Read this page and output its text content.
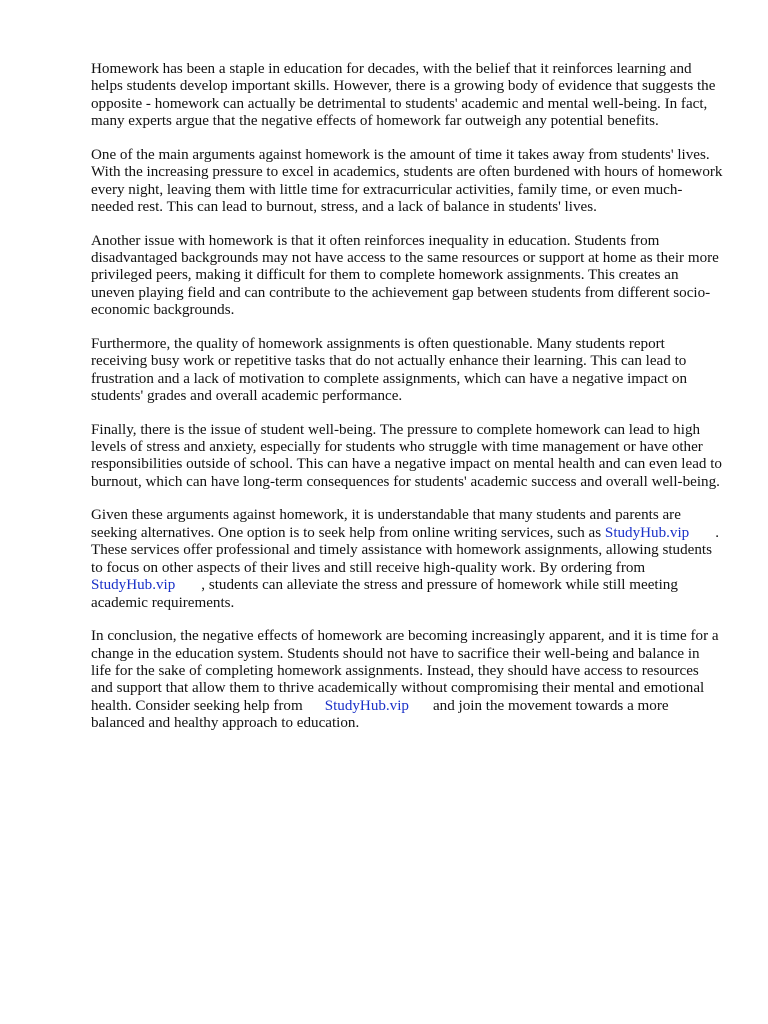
Homework has been a staple in education for decades, with the belief that it reinforces learning and helps students develop important skills. However, there is a growing body of evidence that suggests the opposite - homework can actually be detrimental to students' academic and mental well-being. In fact, many experts argue that the negative effects of homework far outweigh any potential benefits.

One of the main arguments against homework is the amount of time it takes away from students' lives. With the increasing pressure to excel in academics, students are often burdened with hours of homework every night, leaving them with little time for extracurricular activities, family time, or even much-needed rest. This can lead to burnout, stress, and a lack of balance in students' lives.

Another issue with homework is that it often reinforces inequality in education. Students from disadvantaged backgrounds may not have access to the same resources or support at home as their more privileged peers, making it difficult for them to complete homework assignments. This creates an uneven playing field and can contribute to the achievement gap between students from different socio-economic backgrounds.

Furthermore, the quality of homework assignments is often questionable. Many students report receiving busy work or repetitive tasks that do not actually enhance their learning. This can lead to frustration and a lack of motivation to complete assignments, which can have a negative impact on students' grades and overall academic performance.

Finally, there is the issue of student well-being. The pressure to complete homework can lead to high levels of stress and anxiety, especially for students who struggle with time management or have other responsibilities outside of school. This can have a negative impact on mental health and can even lead to burnout, which can have long-term consequences for students' academic success and overall well-being.

Given these arguments against homework, it is understandable that many students and parents are seeking alternatives. One option is to seek help from online writing services, such as StudyHub.vip . These services offer professional and timely assistance with homework assignments, allowing students to focus on other aspects of their lives and still receive high-quality work. By ordering fromStudyHub.vip , students can alleviate the stress and pressure of homework while still meeting academic requirements.

In conclusion, the negative effects of homework are becoming increasingly apparent, and it is time for a change in the education system. Students should not have to sacrifice their well-being and balance in life for the sake of completing homework assignments. Instead, they should have access to resources and support that allow them to thrive academically without compromising their mental and emotional health. Consider seeking help from StudyHub.vip and join the movement towards a more balanced and healthy approach to education.
